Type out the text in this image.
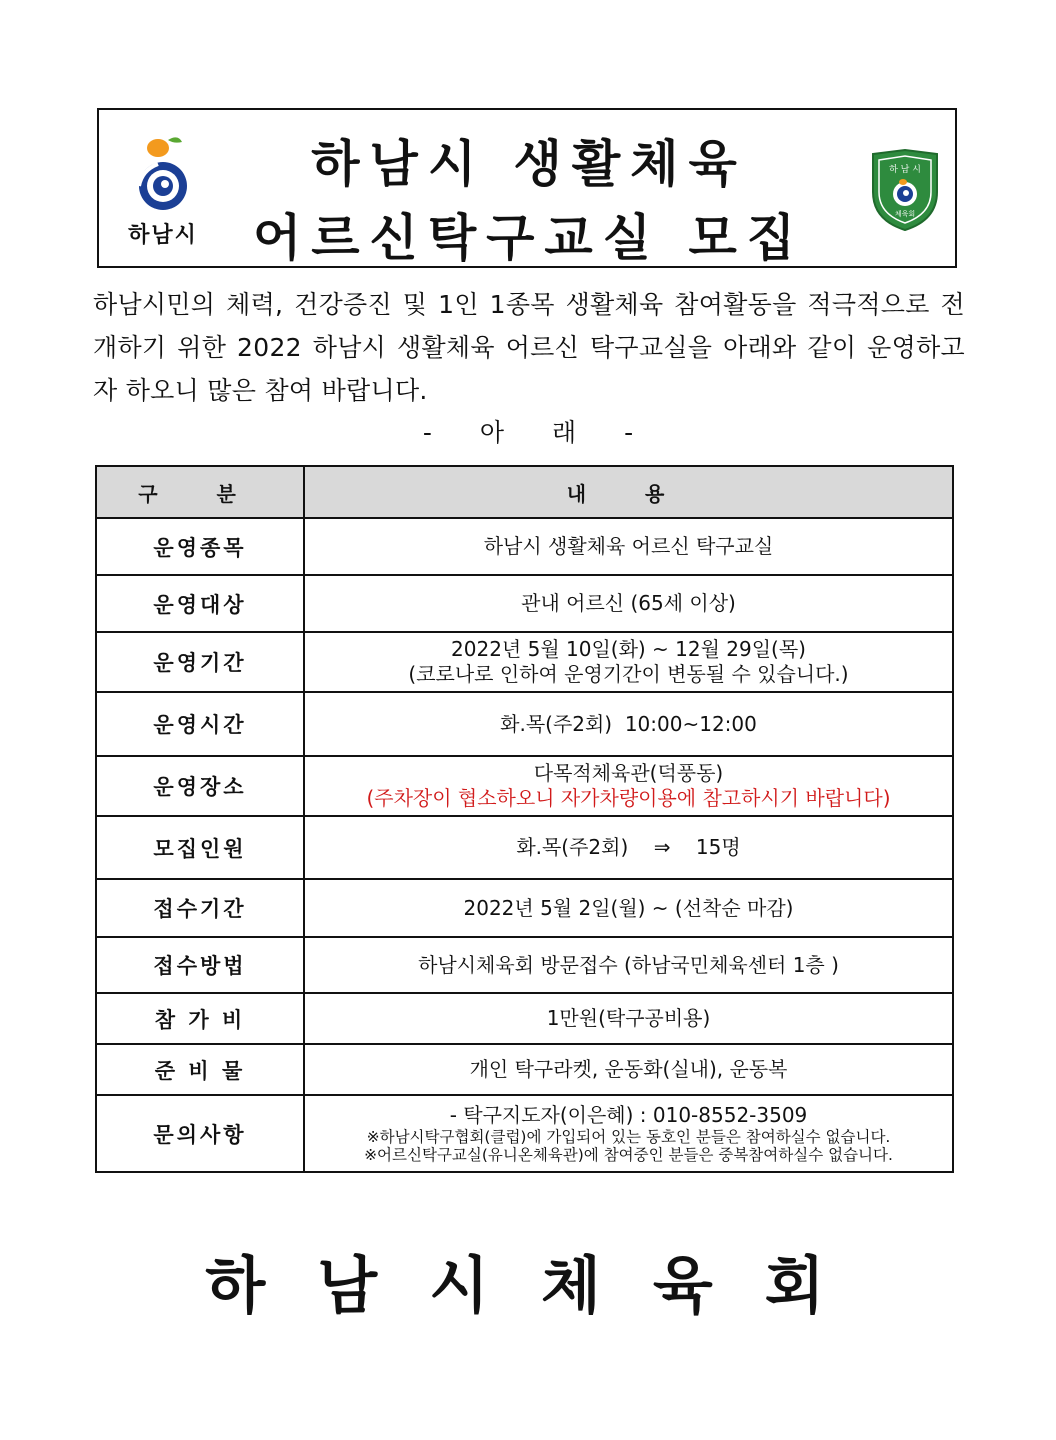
하남시
하남시 생활체육
어르신탁구교실 모집
하 남 시
체육회
하남시민의 체력, 건강증진 및 1인 1종목 생활체육 참여활동을 적극적으로 전개하기 위한 2022 하남시 생활체육 어르신 탁구교실을 아래와 같이 운영하고자 하오니 많은 참여 바랍니다.
- 아 래 -
구 분	내 용
운영종목	하남시 생활체육 어르신 탁구교실
운영대상	관내 어르신 (65세 이상)
운영기간	2022년 5월 10일(화) ~ 12월 29일(목)
(코로나로 인하여 운영기간이 변동될 수 있습니다.)

운영시간	화.목(주2회)  10:00~12:00
운영장소	다목적체육관(덕풍동)
(주차장이 협소하오니 자가차량이용에 참고하시기 바랍니다)

모집인원	화.목(주2회)    ⇒    15명
접수기간	2022년 5월 2일(월) ~ (선착순 마감)
접수방법	하남시체육회 방문접수 (하남국민체육센터 1층 )
참 가 비	1만원(탁구공비용)
준 비 물	개인 탁구라켓, 운동화(실내), 운동복
문의사항	- 탁구지도자(이은혜) : 010-8552-3509
※하남시탁구협회(클럽)에 가입되어 있는 동호인 분들은 참여하실수 없습니다.
※어르신탁구교실(유니온체육관)에 참여중인 분들은 중복참여하실수 없습니다.
하남시체육회
